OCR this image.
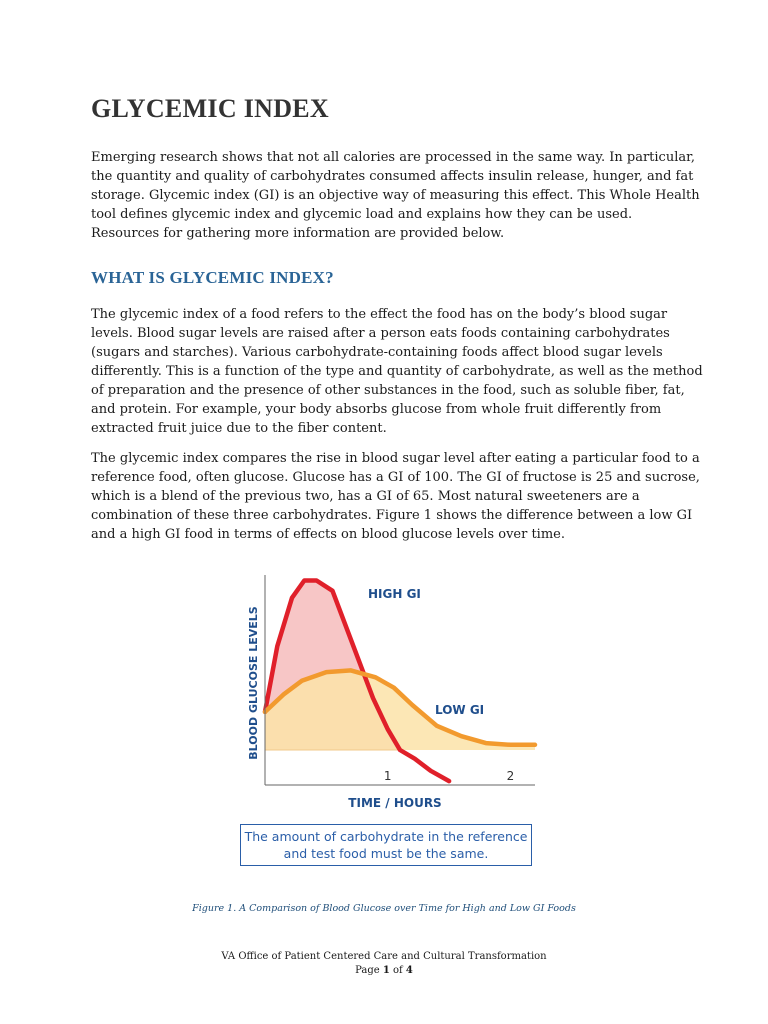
GLYCEMIC INDEX

Emerging research shows that not all calories are processed in the same way. In particular, the quantity and quality of carbohydrates consumed affects insulin release, hunger, and fat storage. Glycemic index (GI) is an objective way of measuring this effect. This Whole Health tool defines glycemic index and glycemic load and explains how they can be used. Resources for gathering more information are provided below.

WHAT IS GLYCEMIC INDEX?

The glycemic index of a food refers to the effect the food has on the body’s blood sugar levels. Blood sugar levels are raised after a person eats foods containing carbohydrates (sugars and starches). Various carbohydrate-containing foods affect blood sugar levels differently. This is a function of the type and quantity of carbohydrate, as well as the method of preparation and the presence of other substances in the food, such as soluble fiber, fat, and protein. For example, your body absorbs glucose from whole fruit differently from extracted fruit juice due to the fiber content.

The glycemic index compares the rise in blood sugar level after eating a particular food to a reference food, often glucose. Glucose has a GI of 100. The GI of fructose is 25 and sucrose, which is a blend of the previous two, has a GI of 65. Most natural sweeteners are a combination of these three carbohydrates. Figure 1 shows the difference between a low GI and a high GI food in terms of effects on blood glucose levels over time.

1	2
BLOOD GLUCOSE LEVELS
TIME / HOURS
HIGH GI
LOW GI
The amount of carbohydrate in the reference and test food must be the same.
Figure 1. A Comparison of Blood Glucose over Time for High and Low GI Foods
VA Office of Patient Centered Care and Cultural Transformation
Page 1 of 4
